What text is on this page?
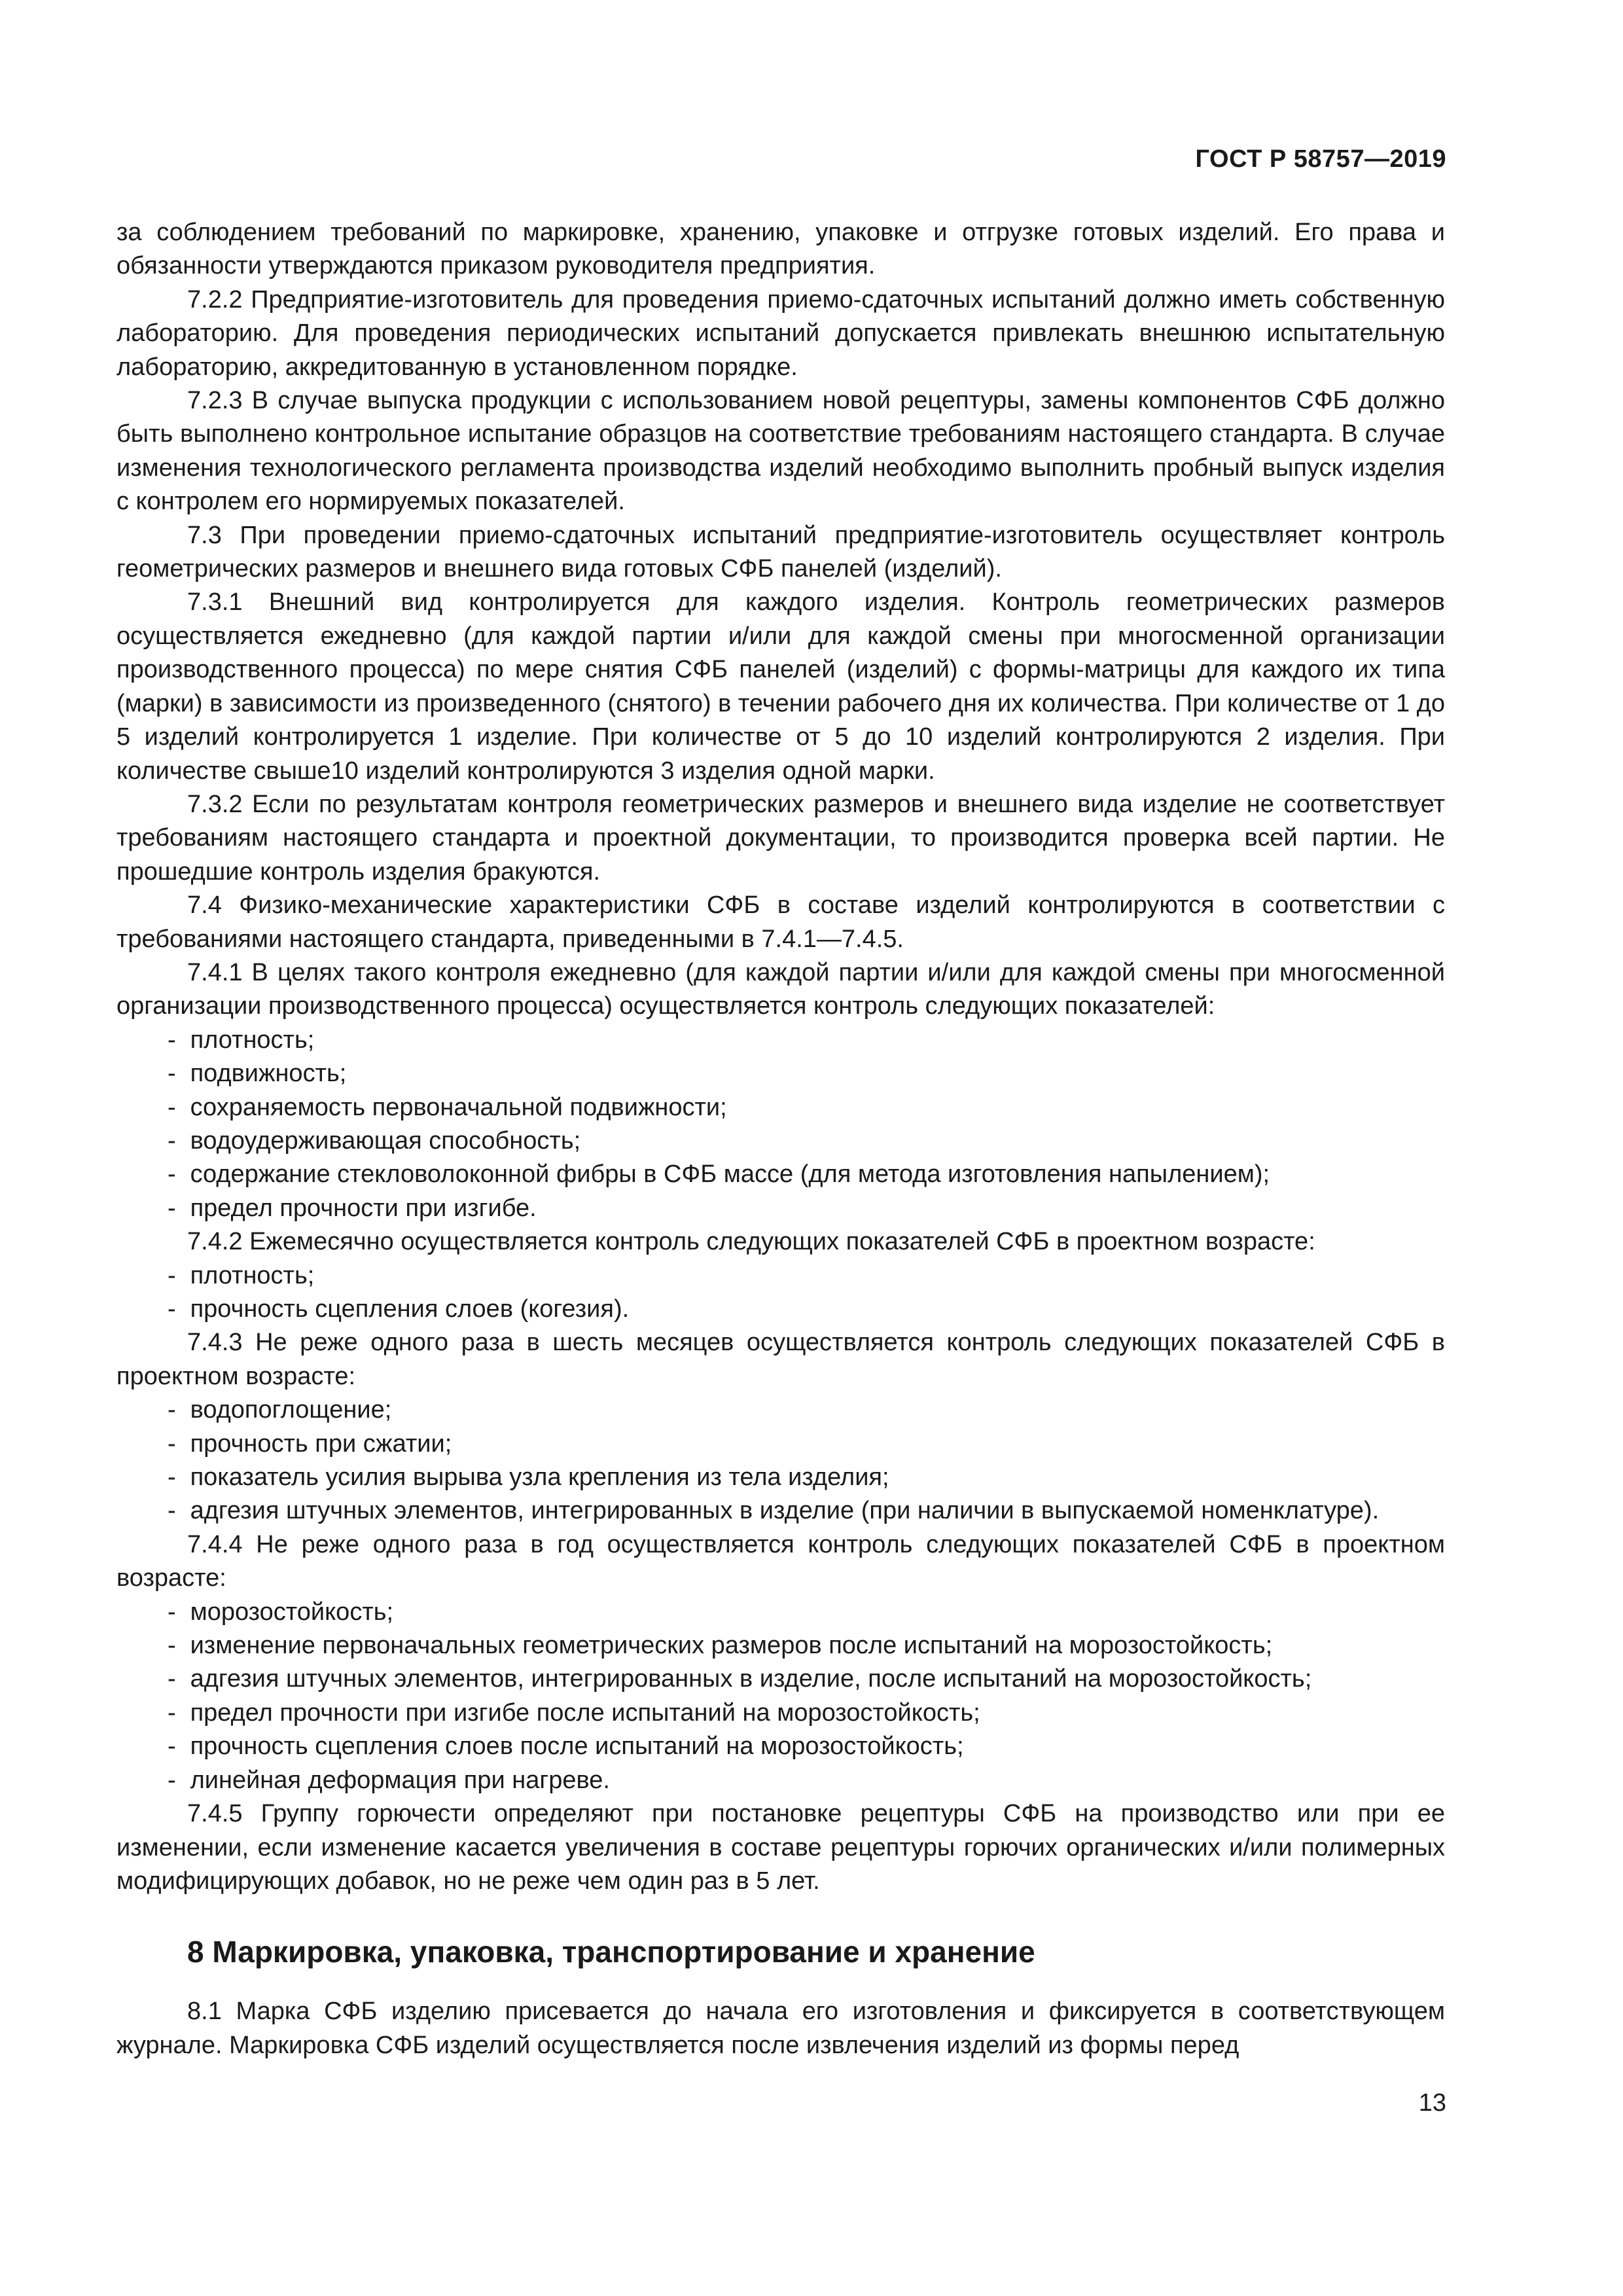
ГОСТ Р 58757—2019

за соблюдением требований по маркировке, хранению, упаковке и отгрузке готовых изделий. Его права и обязанности утверждаются приказом руководителя предприятия.

7.2.2 Предприятие-изготовитель для проведения приемо-сдаточных испытаний должно иметь собственную лабораторию. Для проведения периодических испытаний допускается привлекать внешнюю испытательную лабораторию, аккредитованную в установленном порядке.

7.2.3 В случае выпуска продукции с использованием новой рецептуры, замены компонентов СФБ должно быть выполнено контрольное испытание образцов на соответствие требованиям настоящего стандарта. В случае изменения технологического регламента производства изделий необходимо выполнить пробный выпуск изделия с контролем его нормируемых показателей.

7.3 При проведении приемо-сдаточных испытаний предприятие-изготовитель осуществляет контроль геометрических размеров и внешнего вида готовых СФБ панелей (изделий).

7.3.1 Внешний вид контролируется для каждого изделия. Контроль геометрических размеров осуществляется ежедневно (для каждой партии и/или для каждой смены при многосменной организации производственного процесса) по мере снятия СФБ панелей (изделий) с формы-матрицы для каждого их типа (марки) в зависимости из произведенного (снятого) в течении рабочего дня их количества. При количестве от 1 до 5 изделий контролируется 1 изделие. При количестве от 5 до 10 изделий контролируются 2 изделия. При количестве свыше10 изделий контролируются 3 изделия одной марки.

7.3.2 Если по результатам контроля геометрических размеров и внешнего вида изделие не соответствует требованиям настоящего стандарта и проектной документации, то производится проверка всей партии. Не прошедшие контроль изделия бракуются.

7.4 Физико-механические характеристики СФБ в составе изделий контролируются в соответствии с требованиями настоящего стандарта, приведенными в 7.4.1—7.4.5.

7.4.1 В целях такого контроля ежедневно (для каждой партии и/или для каждой смены при многосменной организации производственного процесса) осуществляется контроль следующих показателей:

- плотность;
- подвижность;
- сохраняемость первоначальной подвижности;
- водоудерживающая способность;
- содержание стекловолоконной фибры в СФБ массе (для метода изготовления напылением);
- предел прочности при изгибе.

7.4.2 Ежемесячно осуществляется контроль следующих показателей СФБ в проектном возрасте:

- плотность;
- прочность сцепления слоев (когезия).

7.4.3 Не реже одного раза в шесть месяцев осуществляется контроль следующих показателей СФБ в проектном возрасте:

- водопоглощение;
- прочность при сжатии;
- показатель усилия вырыва узла крепления из тела изделия;
- адгезия штучных элементов, интегрированных в изделие (при наличии в выпускаемой номенклатуре).

7.4.4 Не реже одного раза в год осуществляется контроль следующих показателей СФБ в проектном возрасте:

- морозостойкость;
- изменение первоначальных геометрических размеров после испытаний на морозостойкость;
- адгезия штучных элементов, интегрированных в изделие, после испытаний на морозостойкость;
- предел прочности при изгибе после испытаний на морозостойкость;
- прочность сцепления слоев после испытаний на морозостойкость;
- линейная деформация при нагреве.

7.4.5 Группу горючести определяют при постановке рецептуры СФБ на производство или при ее изменении, если изменение касается увеличения в составе рецептуры горючих органических и/или полимерных модифицирующих добавок, но не реже чем один раз в 5 лет.

8 Маркировка, упаковка, транспортирование и хранение

8.1 Марка СФБ изделию присевается до начала его изготовления и фиксируется в соответствующем журнале. Маркировка СФБ изделий осуществляется после извлечения изделий из формы перед

13
